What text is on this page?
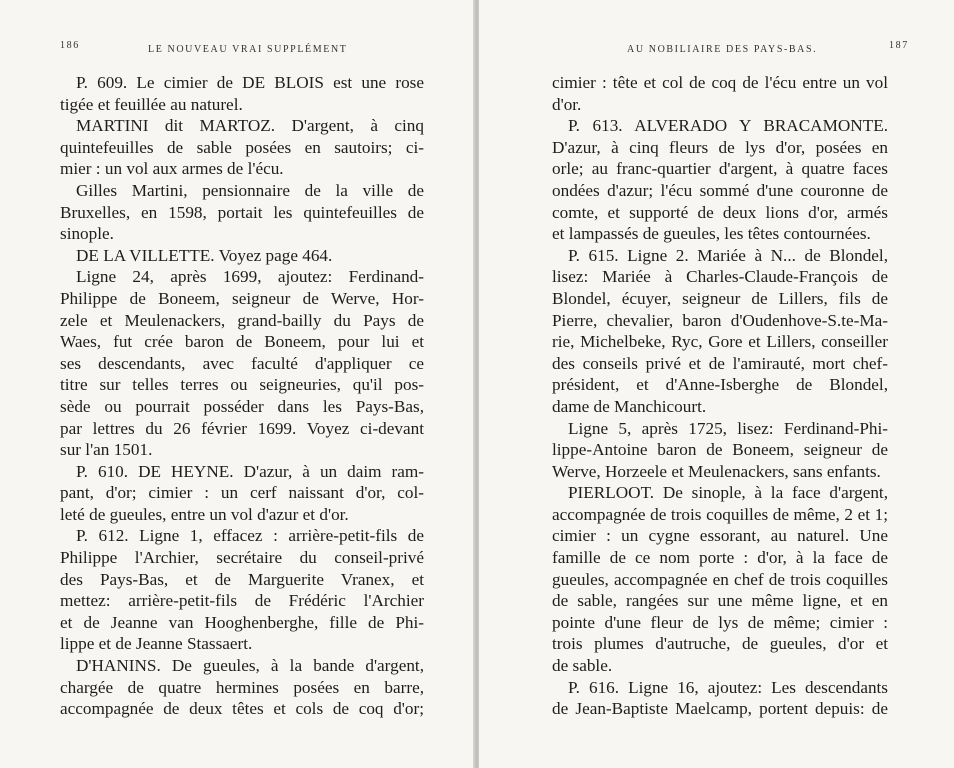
186	LE NOUVEAU VRAI SUPPLÉMENT
P. 609. Le cimier de DE BLOIS est une rose
tigée et feuillée au naturel.
MARTINI dit MARTOZ. D'argent, à cinq
quintefeuilles de sable posées en sautoirs; ci-
mier : un vol aux armes de l'écu.
Gilles Martini, pensionnaire de la ville de
Bruxelles, en 1598, portait les quintefeuilles de
sinople.
DE LA VILLETTE. Voyez page 464.
Ligne 24, après 1699, ajoutez: Ferdinand-
Philippe de Boneem, seigneur de Werve, Hor-
zele et Meulenackers, grand-bailly du Pays de
Waes, fut crée baron de Boneem, pour lui et
ses descendants, avec faculté d'appliquer ce
titre sur telles terres ou seigneuries, qu'il pos-
sède ou pourrait posséder dans les Pays-Bas,
par lettres du 26 février 1699. Voyez ci-devant
sur l'an 1501.
P. 610. DE HEYNE. D'azur, à un daim ram-
pant, d'or; cimier : un cerf naissant d'or, col-
leté de gueules, entre un vol d'azur et d'or.
P. 612. Ligne 1, effacez : arrière-petit-fils de
Philippe l'Archier, secrétaire du conseil-privé
des Pays-Bas, et de Marguerite Vranex, et
mettez: arrière-petit-fils de Frédéric l'Archier
et de Jeanne van Hooghenberghe, fille de Phi-
lippe et de Jeanne Stassaert.
D'HANINS. De gueules, à la bande d'argent,
chargée de quatre hermines posées en barre,
accompagnée de deux têtes et cols de coq d'or;
AU NOBILIAIRE DES PAYS-BAS.	187
cimier : tête et col de coq de l'écu entre un vol
d'or.
P. 613. ALVERADO Y BRACAMONTE.
D'azur, à cinq fleurs de lys d'or, posées en
orle; au franc-quartier d'argent, à quatre faces
ondées d'azur; l'écu sommé d'une couronne de
comte, et supporté de deux lions d'or, armés
et lampassés de gueules, les têtes contournées.
P. 615. Ligne 2. Mariée à N... de Blondel,
lisez: Mariée à Charles-Claude-François de
Blondel, écuyer, seigneur de Lillers, fils de
Pierre, chevalier, baron d'Oudenhove-S.te-Ma-
rie, Michelbeke, Ryc, Gore et Lillers, conseiller
des conseils privé et de l'amirauté, mort chef-
président, et d'Anne-Isberghe de Blondel,
dame de Manchicourt.
Ligne 5, après 1725, lisez: Ferdinand-Phi-
lippe-Antoine baron de Boneem, seigneur de
Werve, Horzeele et Meulenackers, sans enfants.
PIERLOOT. De sinople, à la face d'argent,
accompagnée de trois coquilles de même, 2 et 1;
cimier : un cygne essorant, au naturel. Une
famille de ce nom porte : d'or, à la face de
gueules, accompagnée en chef de trois coquilles
de sable, rangées sur une même ligne, et en
pointe d'une fleur de lys de même; cimier :
trois plumes d'autruche, de gueules, d'or et
de sable.
P. 616. Ligne 16, ajoutez: Les descendants
de Jean-Baptiste Maelcamp, portent depuis: de
